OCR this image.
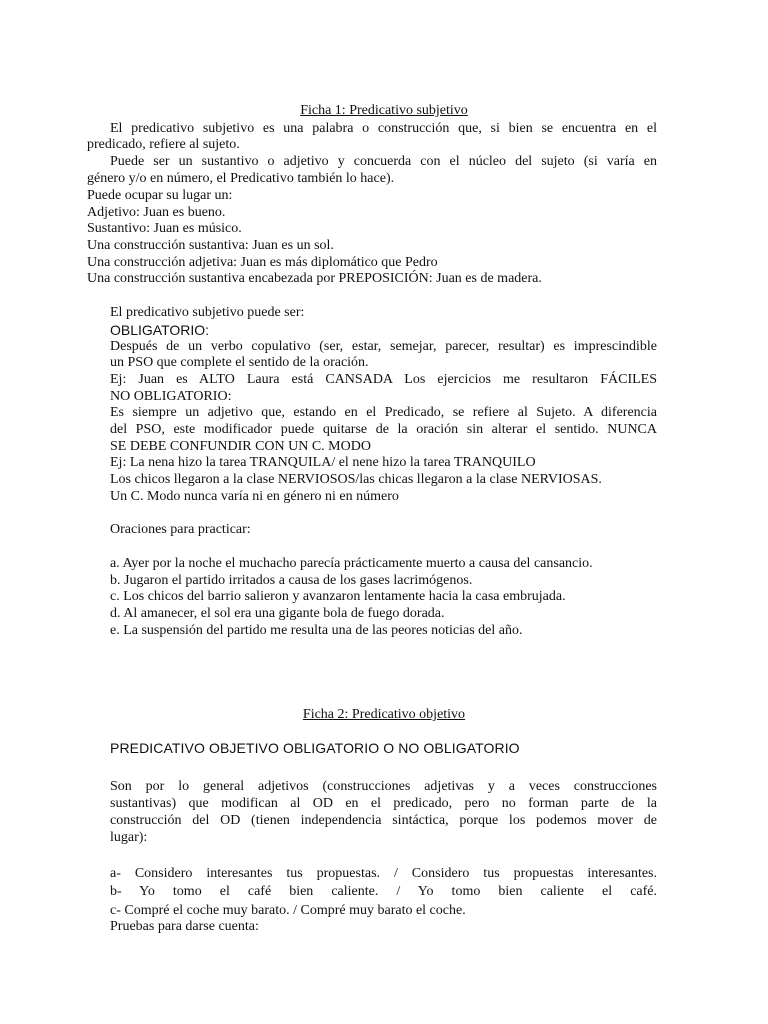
Ficha 1: Predicativo subjetivo
El predicativo subjetivo es una palabra o construcción que, si bien se encuentra en el
predicado, refiere al sujeto.
Puede ser un sustantivo o adjetivo y concuerda con el núcleo del sujeto (si varía en
género y/o en número, el Predicativo también lo hace).
Puede ocupar su lugar un:
Adjetivo: Juan es bueno.
Sustantivo: Juan es músico.
Una construcción sustantiva: Juan es un sol.
Una construcción adjetiva: Juan es más diplomático que Pedro
Una construcción sustantiva encabezada por PREPOSICIÓN: Juan es de madera.
El predicativo subjetivo puede ser:
OBLIGATORIO:
Después de un verbo copulativo (ser, estar, semejar, parecer, resultar) es imprescindible
un PSO que complete el sentido de la oración.
Ej: Juan es ALTO Laura está CANSADA Los ejercicios me resultaron FÁCILES
NO OBLIGATORIO:
Es siempre un adjetivo que, estando en el Predicado, se refiere al Sujeto. A diferencia
del PSO, este modificador puede quitarse de la oración sin alterar el sentido. NUNCA
SE DEBE CONFUNDIR CON UN C. MODO
Ej: La nena hizo la tarea TRANQUILA/ el nene hizo la tarea TRANQUILO
Los chicos llegaron a la clase NERVIOSOS/las chicas llegaron a la clase NERVIOSAS.
Un C. Modo nunca varía ni en género ni en número
Oraciones para practicar:
a. Ayer por la noche el muchacho parecía prácticamente muerto a causa del cansancio.
b. Jugaron el partido irritados a causa de los gases lacrimógenos.
c. Los chicos del barrio salieron y avanzaron lentamente hacia la casa embrujada.
d. Al amanecer, el sol era una gigante bola de fuego dorada.
e. La suspensión del partido me resulta una de las peores noticias del año.
Ficha 2: Predicativo objetivo
PREDICATIVO OBJETIVO OBLIGATORIO O NO OBLIGATORIO
Son por lo general adjetivos (construcciones adjetivas y a veces construcciones
sustantivas) que modifican al OD en el predicado, pero no forman parte de la
construcción del OD (tienen independencia sintáctica, porque los podemos mover de
lugar):
a- Considero interesantes tus propuestas. / Considero tus propuestas interesantes.
b- Yo tomo el café bien caliente. / Yo tomo bien caliente el café.
c- Compré el coche muy barato. / Compré muy barato el coche.
Pruebas para darse cuenta:
